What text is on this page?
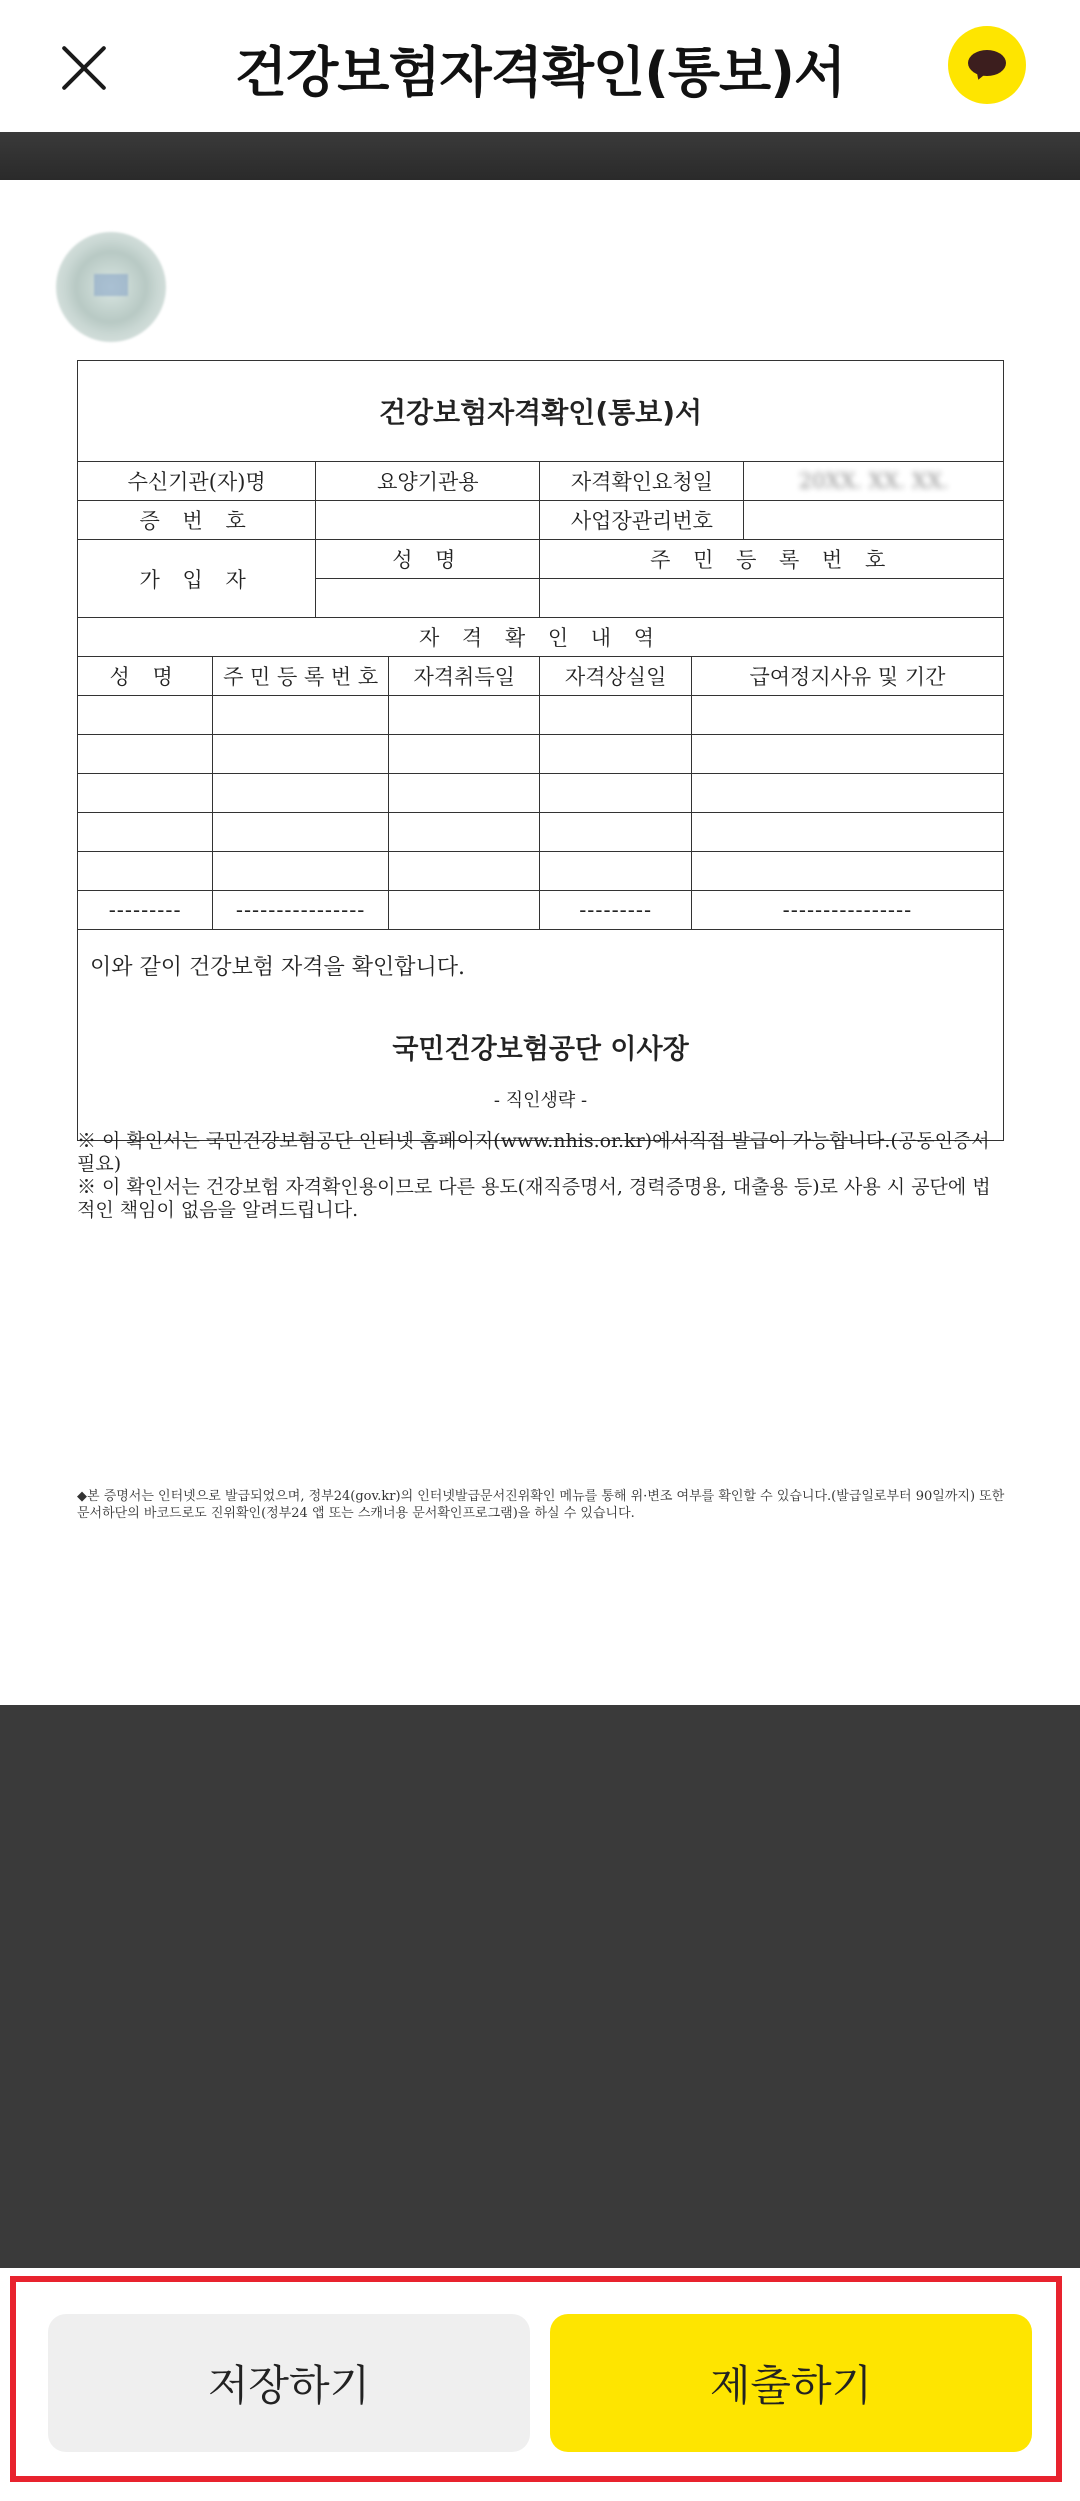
건강보험자격확인(통보)서
건강보험자격확인(통보)서						
수신기관(자)명		요양기관용		자격확인요청일		20XX. XX. XX.
증 번 호				사업장관리번호		
가 입 자		성 명		주 민 등 록 번 호		

자 격 확 인 내 역						
성 명	주 민 등 록 번 호		자격취득일	자격상실일	급여정지사유 및 기간	

---------	----------------			---------	----------------	
이와 같이 건강보험 자격을 확인합니다.
국민건강보험공단 이사장
- 직인생략 -						
※ 이 확인서는 국민건강보험공단 인터넷 홈페이지(www.nhis.or.kr)에서직접 발급이 가능합니다.(공동인증서 필요)
※ 이 확인서는 건강보험 자격확인용이므로 다른 용도(재직증명서, 경력증명용, 대출용 등)로 사용 시 공단에 법적인 책임이 없음을 알려드립니다.
◆본 증명서는 인터넷으로 발급되었으며, 정부24(gov.kr)의 인터넷발급문서진위확인 메뉴를 통해 위·변조 여부를 확인할 수 있습니다.(발급일로부터 90일까지) 또한 문서하단의 바코드로도 진위확인(정부24 앱 또는 스캐너용 문서확인프로그램)을 하실 수 있습니다.
저장하기	제출하기
